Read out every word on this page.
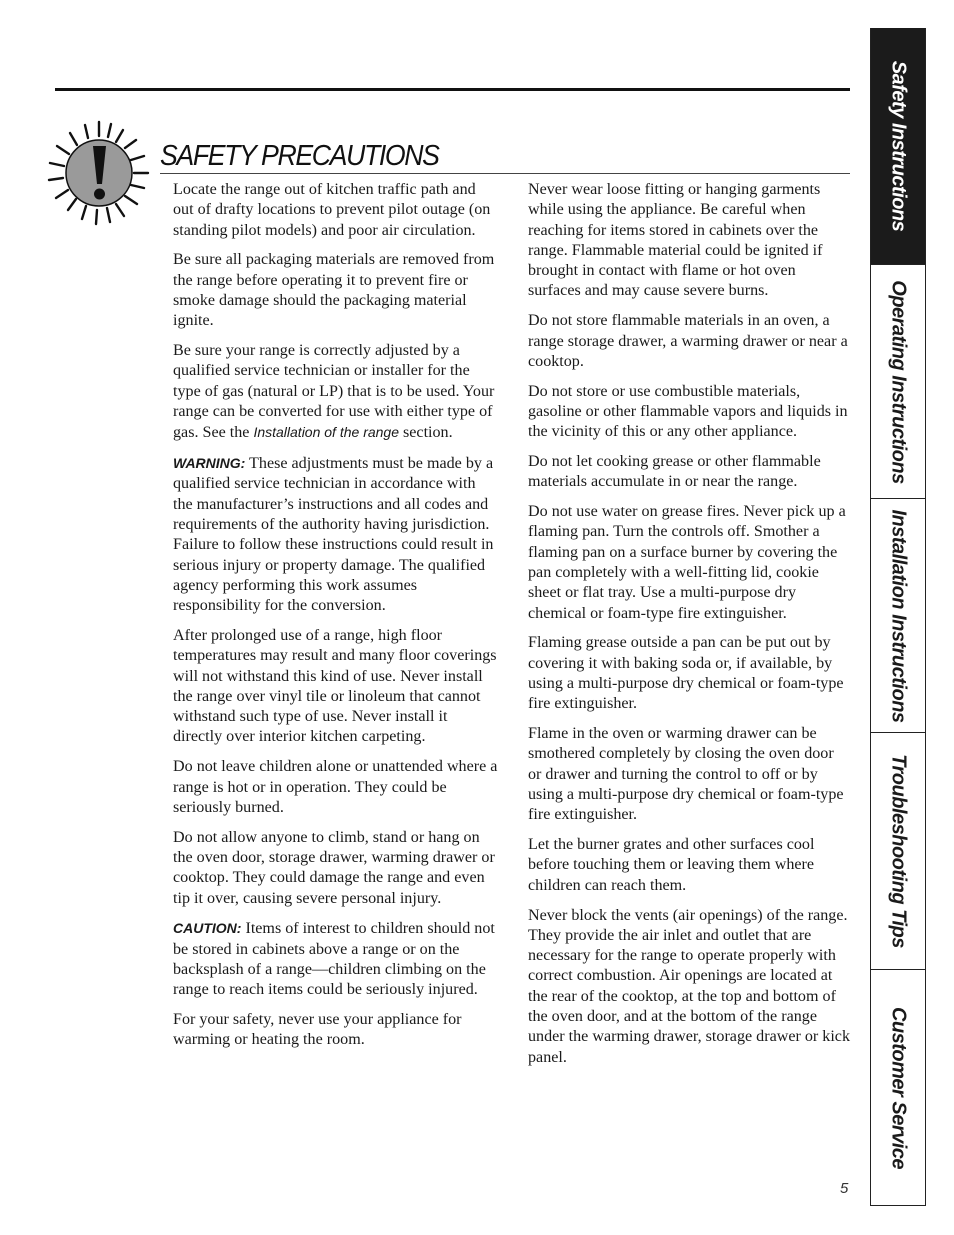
SAFETY PRECAUTIONS

Locate the range out of kitchen traffic path and out of drafty locations to prevent pilot outage (on standing pilot models) and poor air circulation.

Be sure all packaging materials are removed from the range before operating it to prevent fire or smoke damage should the packaging material ignite.

Be sure your range is correctly adjusted by a qualified service technician or installer for the type of gas (natural or LP) that is to be used. Your range can be converted for use with either type of gas. See the Installation of the range section.

WARNING: These adjustments must be made by a qualified service technician in accordance with the manufacturer’s instructions and all codes and requirements of the authority having jurisdiction. Failure to follow these instructions could result in serious injury or property damage. The qualified agency performing this work assumes responsibility for the conversion.

After prolonged use of a range, high floor temperatures may result and many floor coverings will not withstand this kind of use. Never install the range over vinyl tile or linoleum that cannot withstand such type of use. Never install it directly over interior kitchen carpeting.

Do not leave children alone or unattended where a range is hot or in operation. They could be seriously burned.

Do not allow anyone to climb, stand or hang on the oven door, storage drawer, warming drawer or cooktop. They could damage the range and even tip it over, causing severe personal injury.

CAUTION: Items of interest to children should not be stored in cabinets above a range or on the backsplash of a range—children climbing on the range to reach items could be seriously injured.

For your safety, never use your appliance for warming or heating the room.

Never wear loose fitting or hanging garments while using the appliance. Be careful when reaching for items stored in cabinets over the range. Flammable material could be ignited if brought in contact with flame or hot oven surfaces and may cause severe burns.

Do not store flammable materials in an oven, a range storage drawer, a warming drawer or near a cooktop.

Do not store or use combustible materials, gasoline or other flammable vapors and liquids in the vicinity of this or any other appliance.

Do not let cooking grease or other flammable materials accumulate in or near the range.

Do not use water on grease fires. Never pick up a flaming pan. Turn the controls off. Smother a flaming pan on a surface burner by covering the pan completely with a well-fitting lid, cookie sheet or flat tray. Use a multi-purpose dry chemical or foam-type fire extinguisher.

Flaming grease outside a pan can be put out by covering it with baking soda or, if available, by using a multi-purpose dry chemical or foam-type fire extinguisher.

Flame in the oven or warming drawer can be smothered completely by closing the oven door or drawer and turning the control to off or by using a multi-purpose dry chemical or foam-type fire extinguisher.

Let the burner grates and other surfaces cool before touching them or leaving them where children can reach them.

Never block the vents (air openings) of the range. They provide the air inlet and outlet that are necessary for the range to operate properly with correct combustion. Air openings are located at the rear of the cooktop, at the top and bottom of the oven door, and at the bottom of the range under the warming drawer, storage drawer or kick panel.

Safety Instructions
Operating Instructions
Installation Instructions
Troubleshooting Tips
Customer Service
5
